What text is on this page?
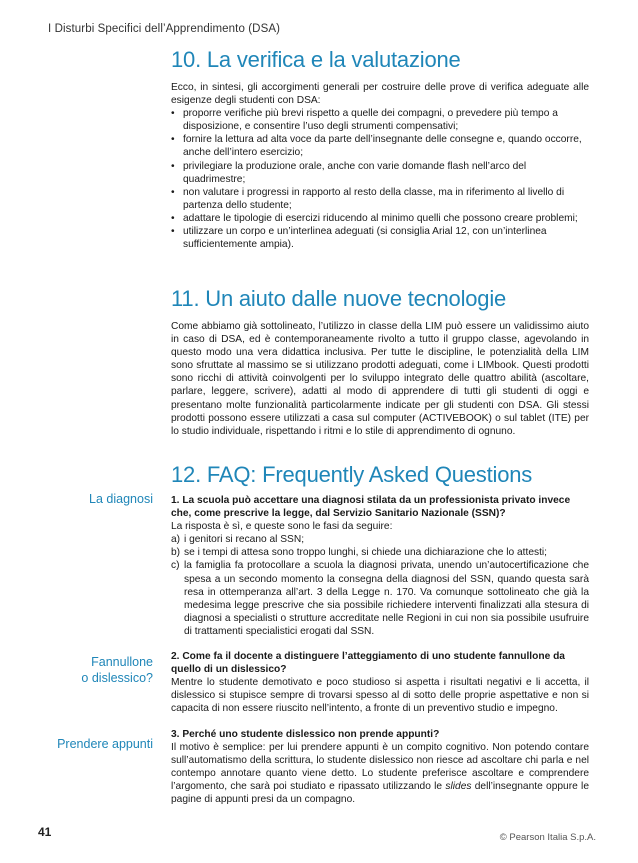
I Disturbi Specifici dell’Apprendimento (DSA)
10. La verifica e la valutazione

Ecco, in sintesi, gli accorgimenti generali per costruire delle prove di verifica adeguate alle esigenze degli studenti con DSA:

• proporre verifiche più brevi rispetto a quelle dei compagni, o prevedere più tempo a disposizione, e consentire l’uso degli strumenti compensativi;
• fornire la lettura ad alta voce da parte dell’insegnante delle consegne e, quando occorre, anche dell’intero esercizio;
• privilegiare la produzione orale, anche con varie domande flash nell’arco del quadrimestre;
• non valutare i progressi in rapporto al resto della classe, ma in riferimento al livello di partenza dello studente;
• adattare le tipologie di esercizi riducendo al minimo quelli che possono creare problemi;
• utilizzare un corpo e un’interlinea adeguati (si consiglia Arial 12, con un’interlinea sufficientemente ampia).
11. Un aiuto dalle nuove tecnologie

Come abbiamo già sottolineato, l’utilizzo in classe della LIM può essere un validissimo aiuto in caso di DSA, ed è contemporaneamente rivolto a tutto il gruppo classe, agevolando in questo modo una vera didattica inclusiva. Per tutte le discipline, le potenzialità della LIM sono sfruttate al massimo se si utilizzano prodotti adeguati, come i LIMbook. Questi prodotti sono ricchi di attività coinvolgenti per lo sviluppo integrato delle quattro abilità (ascoltare, parlare, leggere, scrivere), adatti al modo di apprendere di tutti gli studenti di oggi e presentano molte funzionalità particolarmente indicate per gli studenti con DSA. Gli stessi prodotti possono essere utilizzati a casa sul computer (ACTIVEBOOK) o sul tablet (ITE) per lo studio individuale, rispettando i ritmi e lo stile di apprendimento di ognuno.

12. FAQ: Frequently Asked Questions

1. La scuola può accettare una diagnosi stilata da un professionista privato invece che, come prescrive la legge, dal Servizio Sanitario Nazionale (SSN)?

La risposta è sì, e queste sono le fasi da seguire:

a) i genitori si recano al SSN;
b) se i tempi di attesa sono troppo lunghi, si chiede una dichiarazione che lo attesti;
c) la famiglia fa protocollare a scuola la diagnosi privata, unendo un’autocertificazione che spesa a un secondo momento la consegna della diagnosi del SSN, quando questa sarà resa in ottemperanza all’art. 3 della Legge n. 170. Va comunque sottolineato che già la medesima legge prescrive che sia possibile richiedere interventi finalizzati alla stesura di diagnosi a specialisti o strutture accreditate nelle Regioni in cui non sia possibile usufruire di trattamenti specialistici erogati dal SSN.

2. Come fa il docente a distinguere l’atteggiamento di uno studente fannullone da quello di un dislessico?

Mentre lo studente demotivato e poco studioso si aspetta i risultati negativi e li accetta, il dislessico si stupisce sempre di trovarsi spesso al di sotto delle proprie aspettative e non si capacita di non essere riuscito nell’intento, a fronte di un preventivo studio e impegno.

3. Perché uno studente dislessico non prende appunti?

Il motivo è semplice: per lui prendere appunti è un compito cognitivo. Non potendo contare sull’automatismo della scrittura, lo studente dislessico non riesce ad ascoltare chi parla e nel contempo annotare quanto viene detto. Lo studente preferisce ascoltare e comprendere l’argomento, che sarà poi studiato e ripassato utilizzando le slides dell’insegnante oppure le pagine di appunti presi da un compagno.

La diagnosi
Fannullone
o dislessico?
Prendere appunti
41	© Pearson Italia S.p.A.
